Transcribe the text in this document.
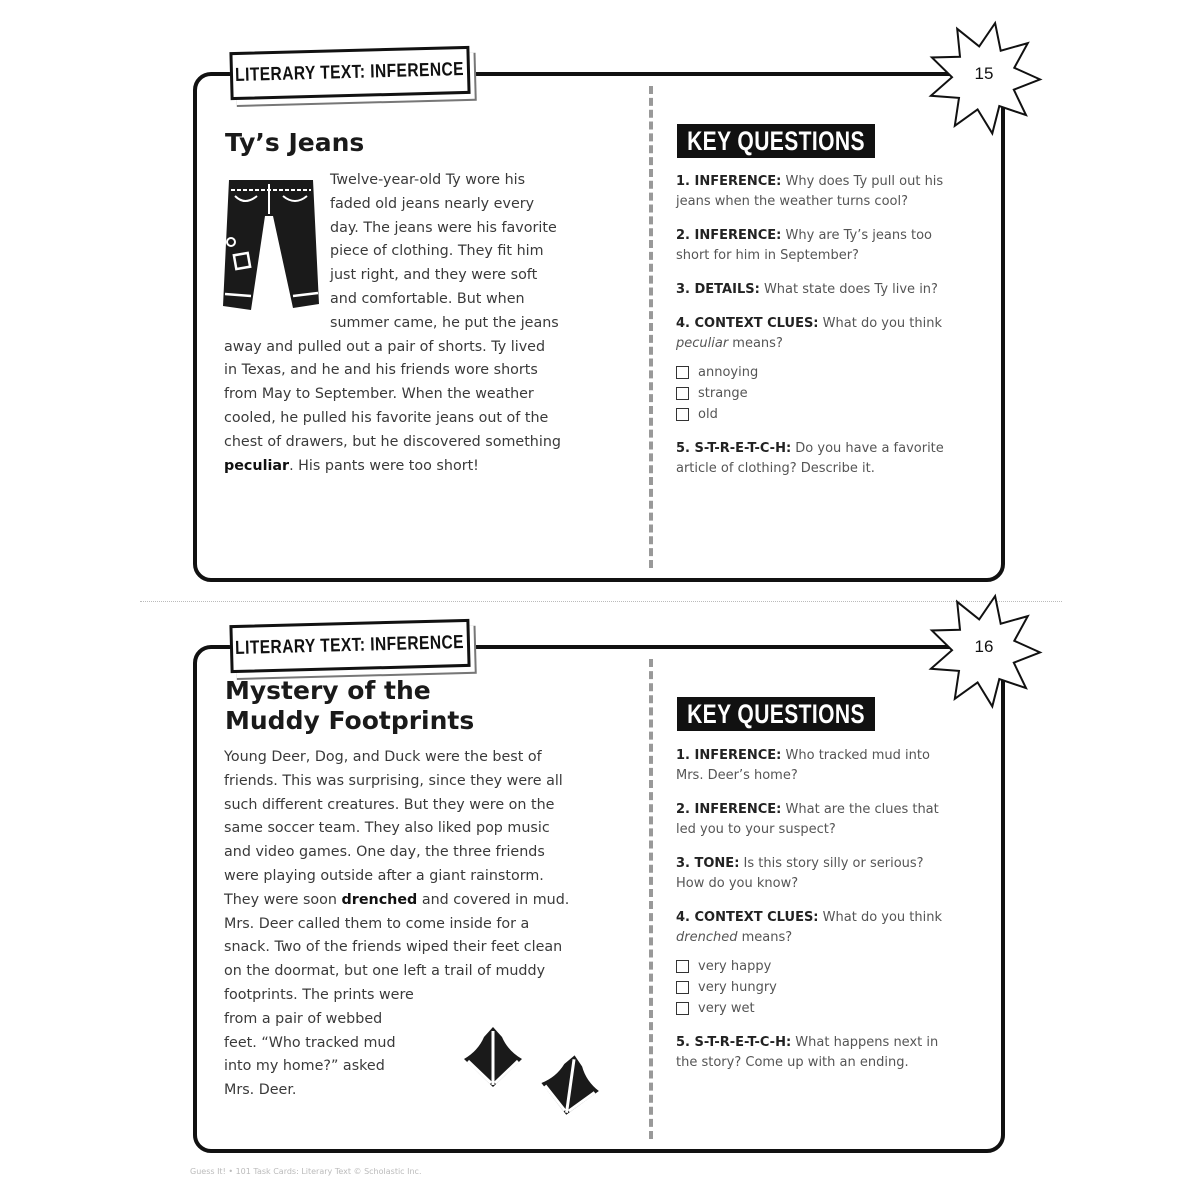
LITERARY TEXT: INFERENCE	15
Ty’s Jeans
Twelve-year-old Ty wore his
faded old jeans nearly every
day. The jeans were his favorite
piece of clothing. They fit him
just right, and they were soft
and comfortable. But when
summer came, he put the jeans
away and pulled out a pair of shorts. Ty lived
in Texas, and he and his friends wore shorts
from May to September. When the weather
cooled, he pulled his favorite jeans out of the
chest of drawers, but he discovered something
peculiar. His pants were too short!
KEY QUESTIONS
1. INFERENCE: Why does Ty pull out his
jeans when the weather turns cool?
2. INFERENCE: Why are Ty’s jeans too
short for him in September?
3. DETAILS: What state does Ty live in?
4. CONTEXT CLUES: What do you think
peculiar means?
annoying
strange
old
5. S-T-R-E-T-C-H: Do you have a favorite
article of clothing? Describe it.
LITERARY TEXT: INFERENCE	16
Mystery of the
Muddy Footprints
Young Deer, Dog, and Duck were the best of
friends. This was surprising, since they were all
such different creatures. But they were on the
same soccer team. They also liked pop music
and video games. One day, the three friends
were playing outside after a giant rainstorm.
They were soon drenched and covered in mud.
Mrs. Deer called them to come inside for a
snack. Two of the friends wiped their feet clean
on the doormat, but one left a trail of muddy
footprints. The prints were
from a pair of webbed
feet. “Who tracked mud
into my home?” asked
Mrs. Deer.
KEY QUESTIONS
1. INFERENCE: Who tracked mud into
Mrs. Deer’s home?
2. INFERENCE: What are the clues that
led you to your suspect?
3. TONE: Is this story silly or serious?
How do you know?
4. CONTEXT CLUES: What do you think
drenched means?
very happy
very hungry
very wet
5. S-T-R-E-T-C-H: What happens next in
the story? Come up with an ending.
Guess It! • 101 Task Cards: Literary Text © Scholastic Inc.
